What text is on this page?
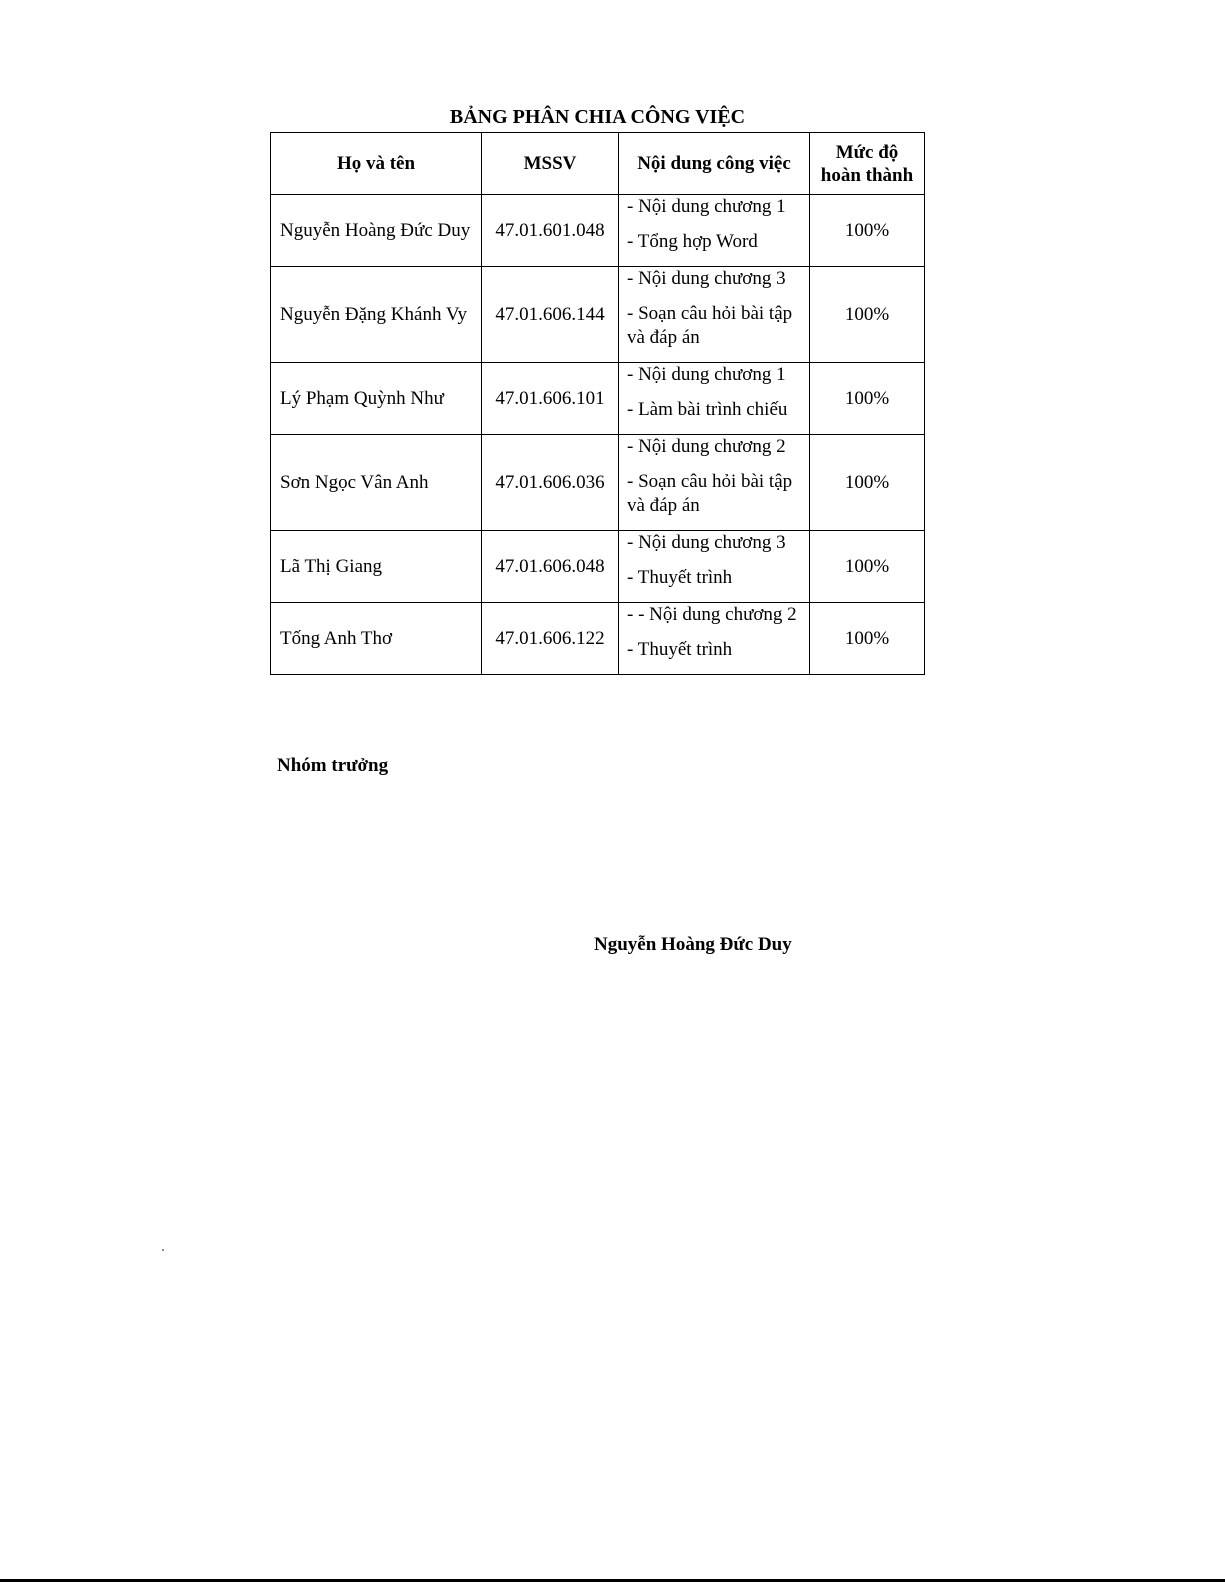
BẢNG PHÂN CHIA CÔNG VIỆC
Họ và tên	MSSV	Nội dung công việc	Mức độ
hoàn thành
Nguyễn Hoàng Đức Duy	47.01.601.048	- Nội dung chương 1
- Tổng hợp Word	100%
Nguyễn Đặng Khánh Vy	47.01.606.144	- Nội dung chương 3
- Soạn câu hỏi bài tập và đáp án	100%
Lý Phạm Quỳnh Như	47.01.606.101	- Nội dung chương 1
- Làm bài trình chiếu	100%
Sơn Ngọc Vân Anh	47.01.606.036	- Nội dung chương 2
- Soạn câu hỏi bài tập và đáp án	100%
Lã Thị Giang	47.01.606.048	- Nội dung chương 3
- Thuyết trình	100%
Tống Anh Thơ	47.01.606.122	- - Nội dung chương 2
- Thuyết trình	100%
Nhóm trưởng
Nguyễn Hoàng Đức Duy
